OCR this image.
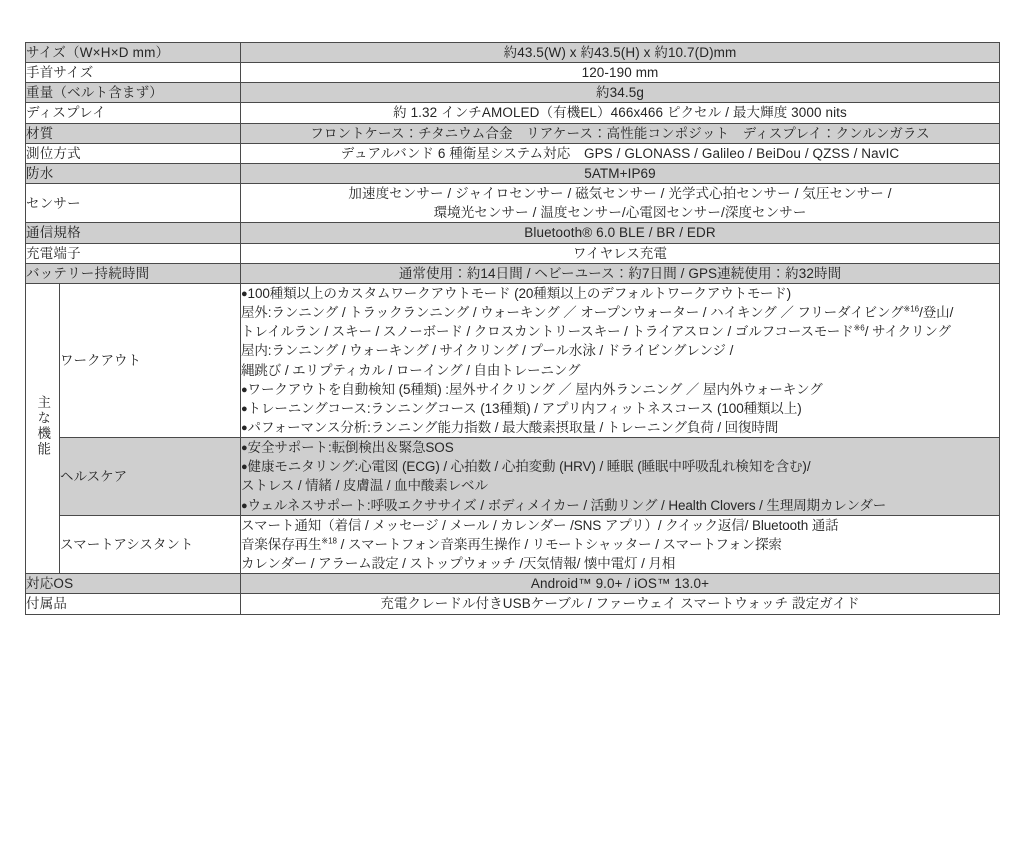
サイズ（W×H×D mm）		約43.5(W) x 約43.5(H) x 約10.7(D)mm
手首サイズ		120-190 mm
重量（ベルト含まず）		約34.5g
ディスプレイ		約 1.32 インチAMOLED（有機EL）466x466 ピクセル / 最大輝度 3000 nits
材質		フロントケース：チタニウム合金　リアケース：高性能コンポジット　ディスプレイ：クンルンガラス
測位方式		デュアルバンド 6 種衛星システム対応　GPS / GLONASS / Galileo / BeiDou / QZSS / NavIC
防水		5ATM+IP69
センサー		加速度センサー / ジャイロセンサー / 磁気センサー / 光学式心拍センサー / 気圧センサー /
環境光センサー / 温度センサー/心電図センサー/深度センサー
通信規格		Bluetooth® 6.0 BLE / BR / EDR
充電端子		ワイヤレス充電
バッテリー持続時間		通常使用：約14日間 / ヘビーユース：約7日間 / GPS連続使用：約32時間
主な機能	ワークアウト	
●100種類以上のカスタムワークアウトモード (20種類以上のデフォルトワークアウトモード)
屋外:ランニング / トラックランニング / ウォーキング ／ オープンウォーター / ハイキング ／ フリーダイビング$^{※16}$/登山/
トレイルラン / スキー / スノーボード / クロスカントリースキー / トライアスロン / ゴルフコースモード$^{※6}$/ サイクリング
屋内:ランニング / ウォーキング / サイクリング / プール水泳 / ドライビングレンジ /
縄跳び / エリプティカル / ローイング / 自由トレーニング
●ワークアウトを自動検知 (5種類) :屋外サイクリング ／ 屋内外ランニング ／ 屋内外ウォーキング
●トレーニングコース:ランニングコース (13種類) / アプリ内フィットネスコース (100種類以上)
●パフォーマンス分析:ランニング能力指数 / 最大酸素摂取量 / トレーニング負荷 / 回復時間

	ヘルスケア	●安全サポート:転倒検出＆緊急SOS
●健康モニタリング:心電図 (ECG) / 心拍数 / 心拍変動 (HRV) / 睡眠 (睡眠中呼吸乱れ検知を含む)/
ストレス / 情緒 / 皮膚温 / 血中酸素レベル
●ウェルネスサポート:呼吸エクササイズ / ボディメイカー / 活動リング / Health Clovers / 生理周期カレンダー

	スマートアシスタント	スマート通知（着信 / メッセージ / メール / カレンダー /SNS アプリ）/ クイック返信/ Bluetooth 通話
音楽保存再生$^{※18}$ / スマートフォン音楽再生操作 / リモートシャッター / スマートフォン探索
カレンダー / アラーム設定 / ストップウォッチ /天気情報/ 懐中電灯 / 月相

対応OS		Android™ 9.0+ / iOS™ 13.0+
付属品		充電クレードル付きUSBケーブル / ファーウェイ スマートウォッチ 設定ガイド
